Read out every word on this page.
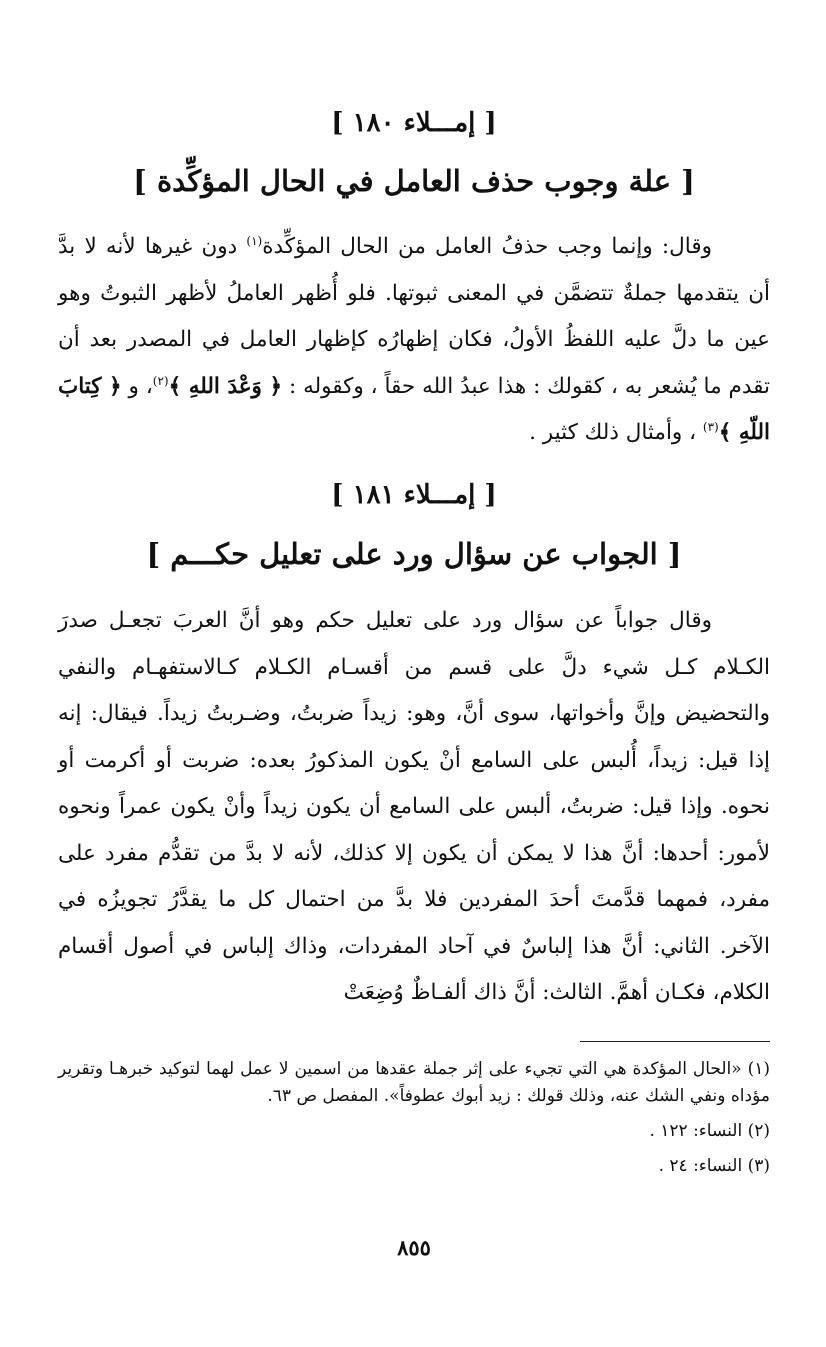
[ إمـــلاء ١٨٠ ]
[ علة وجوب حذف العامل في الحال المؤكِّدة ]

وقال: وإنما وجب حذفُ العامل من الحال المؤكِّدة$^{(١)}$ دون غيرها لأنه لا بدَّ أن يتقدمها جملةٌ تتضمَّن في المعنى ثبوتها. فلو أُظهر العاملُ لأظهر الثبوتُ وهو عين ما دلَّ عليه اللفظُ الأولُ، فكان إظهارُه كإظهار العامل في المصدر بعد أن تقدم ما يُشعر به ، كقولك : هذا عبدُ الله حقاً ، وكقوله : ﴿ وَعْدَ اللهِ ﴾$^{(٢)}$، و ﴿ كِتابَ اللّهِ ﴾$^{(٣)}$ ، وأمثال ذلك كثير .

[ إمـــلاء ١٨١ ]
[ الجواب عن سؤال ورد على تعليل حكـــم ]

وقال جواباً عن سؤال ورد على تعليل حكم وهو أنَّ العربَ تجعـل صدرَ الكـلام كـل شيء دلَّ على قسم من أقسـام الكـلام كـالاستفهـام والنفي والتحضيض وإنَّ وأخواتها، سوى أنَّ، وهو: زيداً ضربتُ، وضـربتُ زيداً. فيقال: إنه إذا قيل: زيداً، أُلبس على السامع أنْ يكون المذكورُ بعده: ضربت أو أكرمت أو نحوه. وإذا قيل: ضربتُ، ألبس على السامع أن يكون زيداً وأنْ يكون عمراً ونحوه لأمور: أحدها: أنَّ هذا لا يمكن أن يكون إلا كذلك، لأنه لا بدَّ من تقدُّم مفرد على مفرد، فمهما قدَّمتَ أحدَ المفردين فلا بدَّ من احتمال كل ما يقدَّرُ تجويزُه في الآخر. الثاني: أنَّ هذا إلباسٌ في آحاد المفردات، وذاك إلباس في أصول أقسام الكلام، فكـان أهمَّ. الثالث: أنَّ ذاك ألفـاظٌ وُضِعَتْ

(١) «الحال المؤكدة هي التي تجيء على إثر جملة عقدها من اسمين لا عمل لهما لتوكيد خبرهـا وتقرير مؤداه ونفي الشك عنه، وذلك قولك : زيد أبوك عطوفاً». المفصل ص ٦٣.

(٢) النساء: ١٢٢ .

(٣) النساء: ٢٤ .

٨٥٥
